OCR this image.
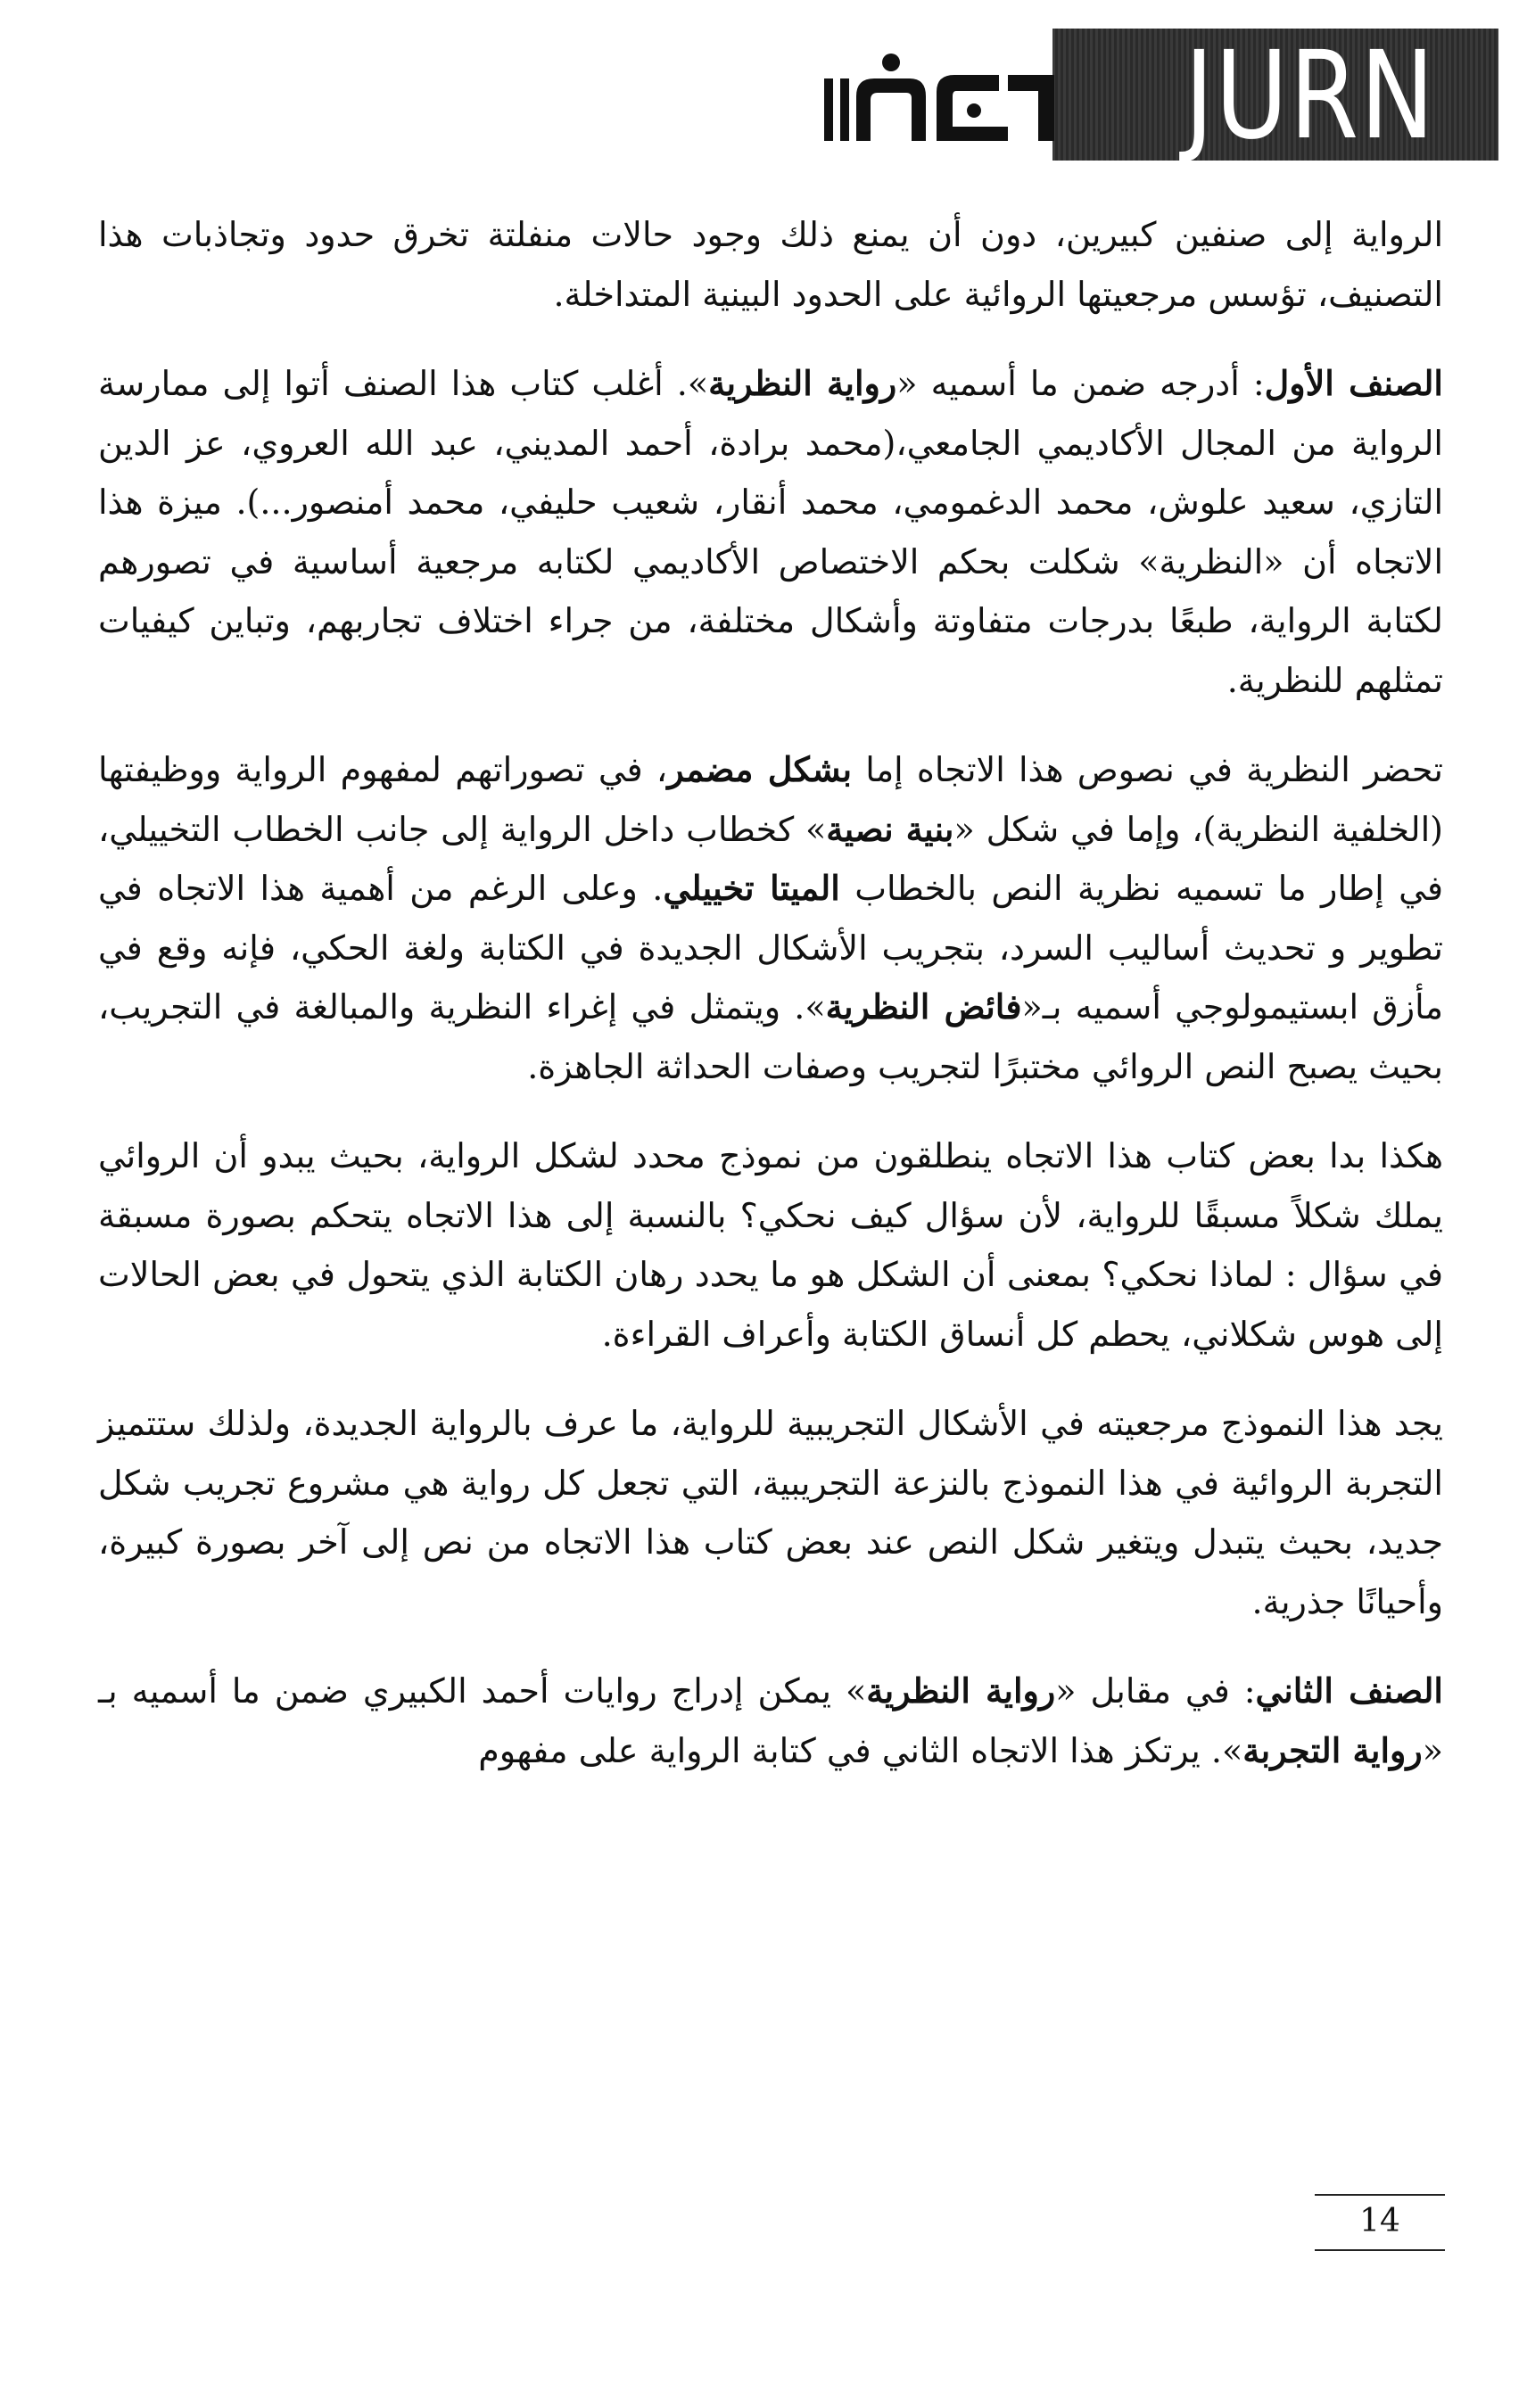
JURN

الرواية إلى صنفين كبيرين، دون أن يمنع ذلك وجود حالات منفلتة تخرق حدود وتجاذبات هذا التصنيف، تؤسس مرجعيتها الروائية على الحدود البينية المتداخلة.

الصنف الأول: أدرجه ضمن ما أسميه «رواية النظرية». أغلب كتاب هذا الصنف أتوا إلى ممارسة الرواية من المجال الأكاديمي الجامعي،(محمد برادة، أحمد المديني، عبد الله العروي، عز الدين التازي، سعيد علوش، محمد الدغمومي، محمد أنقار، شعيب حليفي، محمد أمنصور...). ميزة هذا الاتجاه أن «النظرية» شكلت بحكم الاختصاص الأكاديمي لكتابه مرجعية أساسية في تصورهم لكتابة الرواية، طبعًا بدرجات متفاوتة وأشكال مختلفة، من جراء اختلاف تجاربهم، وتباين كيفيات تمثلهم للنظرية.

تحضر النظرية في نصوص هذا الاتجاه إما بشكل مضمر، في تصوراتهم لمفهوم الرواية ووظيفتها (الخلفية النظرية)، وإما في شكل «بنية نصية» كخطاب داخل الرواية إلى جانب الخطاب التخييلي، في إطار ما تسميه نظرية النص بالخطاب الميتا تخييلي. وعلى الرغم من أهمية هذا الاتجاه في تطوير و تحديث أساليب السرد، بتجريب الأشكال الجديدة في الكتابة ولغة الحكي، فإنه وقع في مأزق ابستيمولوجي أسميه بـ«فائض النظرية». ويتمثل في إغراء النظرية والمبالغة في التجريب، بحيث يصبح النص الروائي مختبرًا لتجريب وصفات الحداثة الجاهزة.

هكذا بدا بعض كتاب هذا الاتجاه ينطلقون من نموذج محدد لشكل الرواية، بحيث يبدو أن الروائي يملك شكلاً مسبقًا للرواية، لأن سؤال كيف نحكي؟ بالنسبة إلى هذا الاتجاه يتحكم بصورة مسبقة في سؤال : لماذا نحكي؟ بمعنى أن الشكل هو ما يحدد رهان الكتابة الذي يتحول في بعض الحالات إلى هوس شكلاني، يحطم كل أنساق الكتابة وأعراف القراءة.

يجد هذا النموذج مرجعيته في الأشكال التجريبية للرواية، ما عرف بالرواية الجديدة، ولذلك ستتميز التجربة الروائية في هذا النموذج بالنزعة التجريبية، التي تجعل كل رواية هي مشروع تجريب شكل جديد، بحيث يتبدل ويتغير شكل النص عند بعض كتاب هذا الاتجاه من نص إلى آخر بصورة كبيرة، وأحيانًا جذرية.

الصنف الثاني: في مقابل «رواية النظرية» يمكن إدراج روايات أحمد الكبيري ضمن ما أسميه بـ «رواية التجربة». يرتكز هذا الاتجاه الثاني في كتابة الرواية على مفهوم

14
